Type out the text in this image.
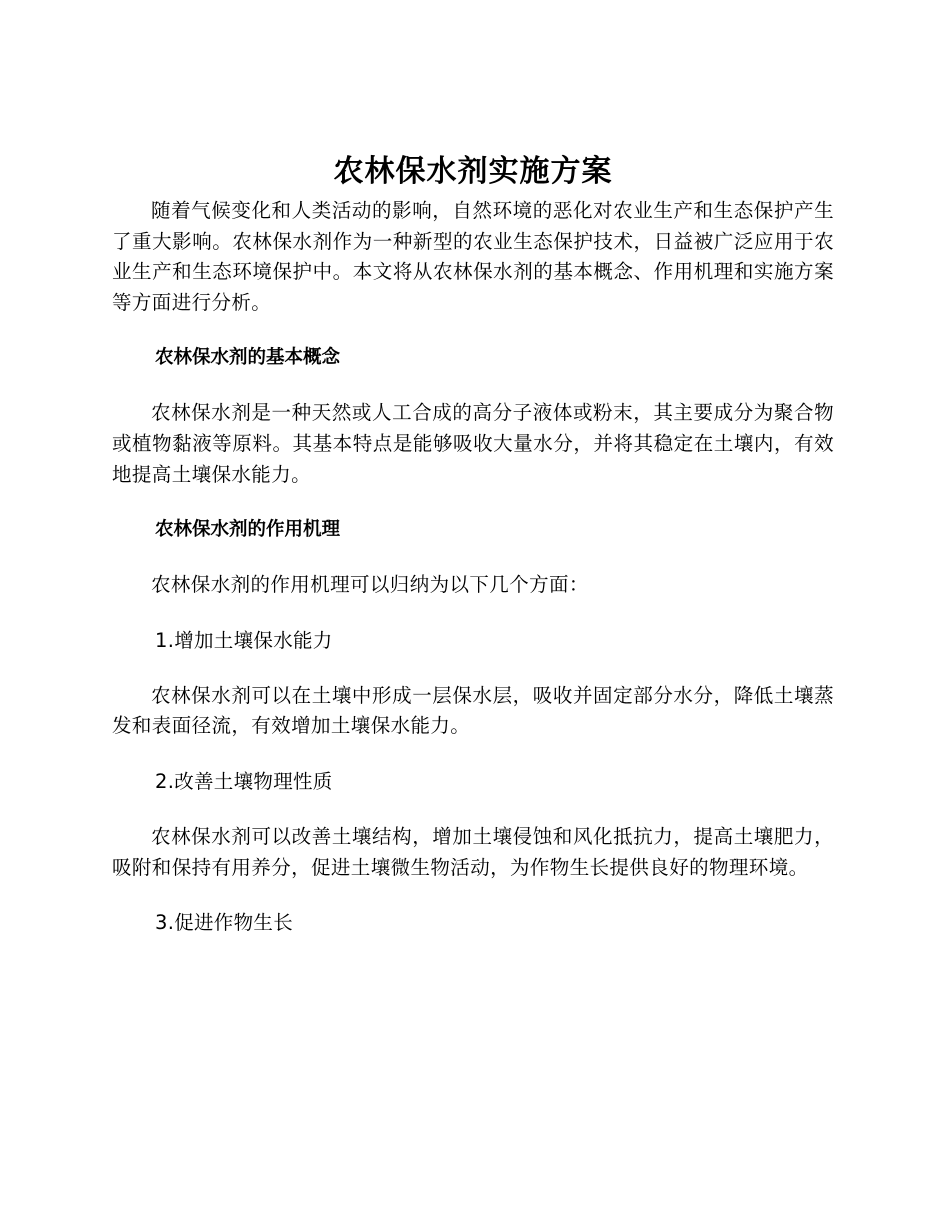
农林保水剂实施方案

随着气候变化和人类活动的影响，自然环境的恶化对农业生产和生态保护产生了重大影响。农林保水剂作为一种新型的农业生态保护技术，日益被广泛应用于农业生产和生态环境保护中。本文将从农林保水剂的基本概念、作用机理和实施方案等方面进行分析。

农林保水剂的基本概念

农林保水剂是一种天然或人工合成的高分子液体或粉末，其主要成分为聚合物或植物黏液等原料。其基本特点是能够吸收大量水分，并将其稳定在土壤内，有效地提高土壤保水能力。

农林保水剂的作用机理

农林保水剂的作用机理可以归纳为以下几个方面：

1.增加土壤保水能力

农林保水剂可以在土壤中形成一层保水层，吸收并固定部分水分，降低土壤蒸发和表面径流，有效增加土壤保水能力。

2.改善土壤物理性质

农林保水剂可以改善土壤结构，增加土壤侵蚀和风化抵抗力，提高土壤肥力，吸附和保持有用养分，促进土壤微生物活动，为作物生长提供良好的物理环境。

3.促进作物生长
